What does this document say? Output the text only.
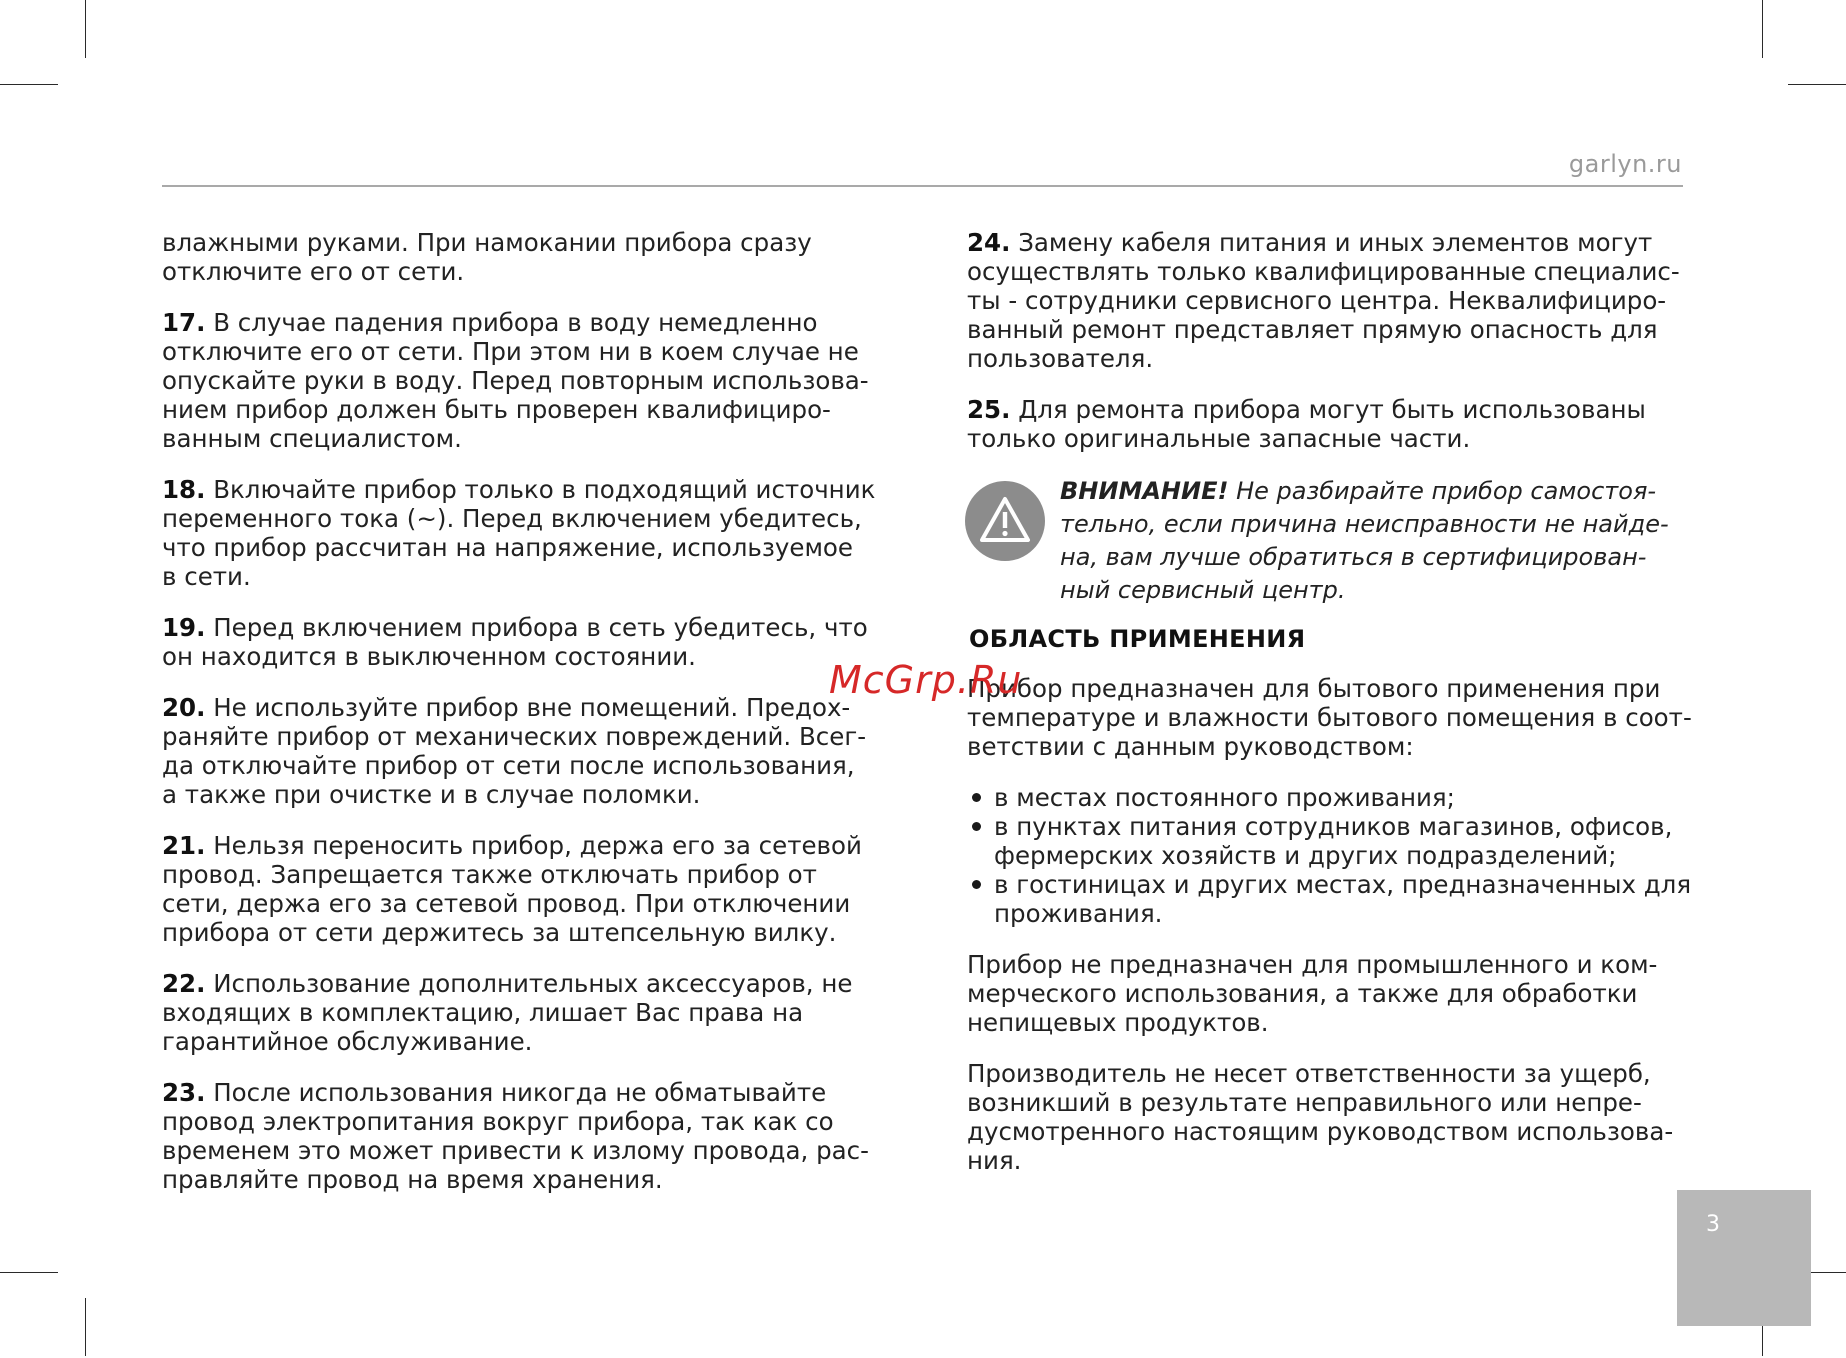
garlyn.ru
влажными руками. При намокании прибора сразу
отключите его от сети.
17. В случае падения прибора в воду немедленно
отключите его от сети. При этом ни в коем случае не
опускайте руки в воду. Перед повторным использова-
нием прибор должен быть проверен квалифициро-
ванным специалистом.
18. Включайте прибор только в подходящий источник
переменного тока (~). Перед включением убедитесь,
что прибор рассчитан на напряжение, используемое
в сети.
19. Перед включением прибора в сеть убедитесь, что
он находится в выключенном состоянии.
20. Не используйте прибор вне помещений. Предох-
раняйте прибор от механических повреждений. Всег-
да отключайте прибор от сети после использования,
а также при очистке и в случае поломки.
21. Нельзя переносить прибор, держа его за сетевой
провод. Запрещается также отключать прибор от
сети, держа его за сетевой провод. При отключении
прибора от сети держитесь за штепсельную вилку.
22. Использование дополнительных аксессуаров, не
входящих в комплектацию, лишает Вас права на
гарантийное обслуживание.
23. После использования никогда не обматывайте
провод электропитания вокруг прибора, так как со
временем это может привести к излому провода, рас-
правляйте провод на время хранения.
24. Замену кабеля питания и иных элементов могут
осуществлять только квалифицированные специалис-
ты - сотрудники сервисного центра. Неквалифициро-
ванный ремонт представляет прямую опасность для
пользователя.
25. Для ремонта прибора могут быть использованы
только оригинальные запасные части.
ВНИМАНИЕ! Не разбирайте прибор самостоя-
тельно, если причина неисправности не найде-
на, вам лучше обратиться в сертифицирован-
ный сервисный центр.
ОБЛАСТЬ ПРИМЕНЕНИЯ
Прибор предназначен для бытового применения при
температуре и влажности бытового помещения в соот-
ветствии с данным руководством:
в местах постоянного проживания;
в пунктах питания сотрудников магазинов, офисов,
фермерских хозяйств и других подразделений;
в гостиницах и других местах, предназначенных для
проживания.
Прибор не предназначен для промышленного и ком-
мерческого использования, а также для обработки
непищевых продуктов.
Производитель не несет ответственности за ущерб,
возникший в результате неправильного или непре-
дусмотренного настоящим руководством использова-
ния.
McGrp.Ru
3
